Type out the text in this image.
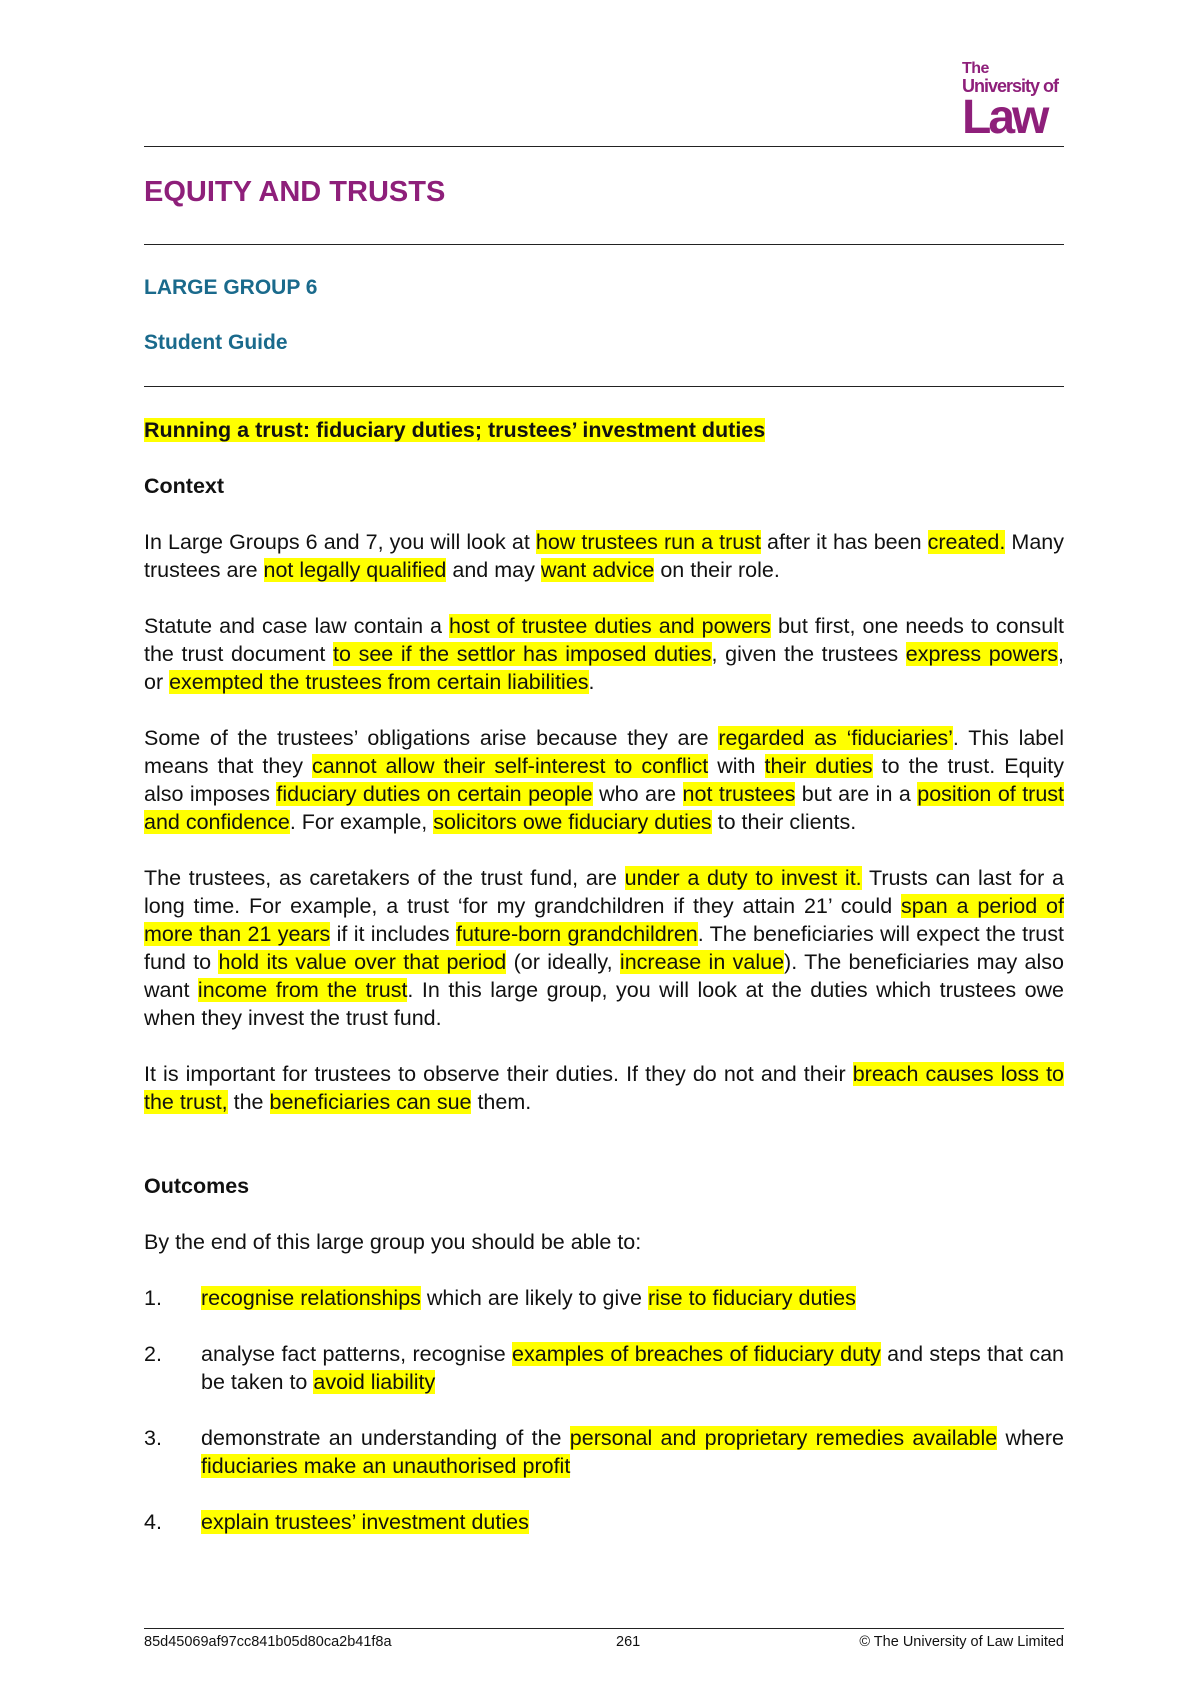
The
University of
Law
EQUITY AND TRUSTS
LARGE GROUP 6
Student Guide

Running a trust: fiduciary duties; trustees’ investment duties

Context

In Large Groups 6 and 7, you will look at how trustees run a trust after it has been created. Many trustees are not legally qualified and may want advice on their role.

Statute and case law contain a host of trustee duties and powers but first, one needs to consult the trust document to see if the settlor has imposed duties, given the trustees express powers, or exempted the trustees from certain liabilities.

Some of the trustees’ obligations arise because they are regarded as ‘fiduciaries’. This label means that they cannot allow their self-interest to conflict with their duties to the trust. Equity also imposes fiduciary duties on certain people who are not trustees but are in a position of trust and confidence. For example, solicitors owe fiduciary duties to their clients.

The trustees, as caretakers of the trust fund, are under a duty to invest it. Trusts can last for a long time. For example, a trust ‘for my grandchildren if they attain 21’ could span a period of more than 21 years if it includes future-born grandchildren. The beneficiaries will expect the trust fund to hold its value over that period (or ideally, increase in value). The beneficiaries may also want income from the trust. In this large group, you will look at the duties which trustees owe when they invest the trust fund.

It is important for trustees to observe their duties. If they do not and their breach causes loss to the trust, the beneficiaries can sue them.

Outcomes

By the end of this large group you should be able to:

1. recognise relationships which are likely to give rise to fiduciary duties
2. analyse fact patterns, recognise examples of breaches of fiduciary duty and steps that can be taken to avoid liability
3. demonstrate an understanding of the personal and proprietary remedies available where fiduciaries make an unauthorised profit
4. explain trustees’ investment duties
85d45069af97cc841b05d80ca2b41f8a	261	© The University of Law Limited
